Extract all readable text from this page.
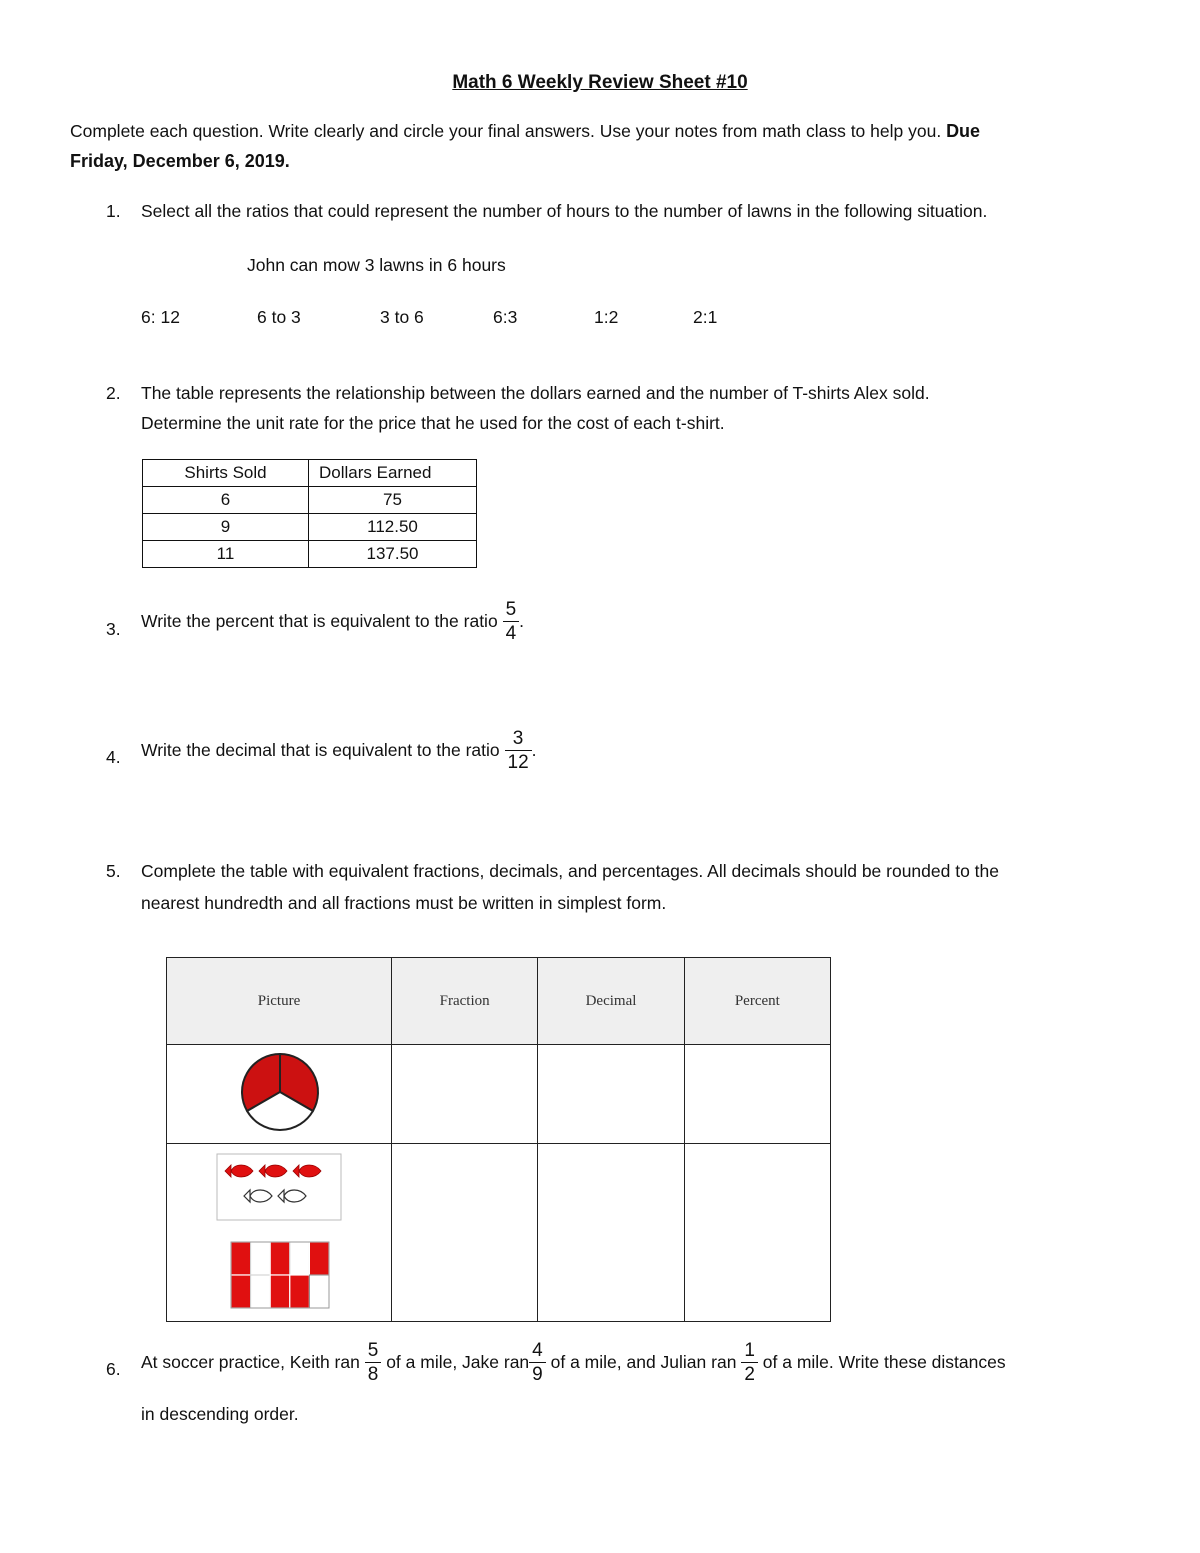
Math 6 Weekly Review Sheet #10
Complete each question. Write clearly and circle your final answers. Use your notes from math class to help you. Due
Friday, December 6, 2019.
1. Select all the ratios that could represent the number of hours to the number of lawns in the following situation.
John can mow 3 lawns in 6 hours
6: 12	6 to 3	3 to 6	6:3	1:2	2:1
2. The table represents the relationship between the dollars earned and the number of T-shirts Alex sold.
Determine the unit rate for the price that he used for the cost of each t-shirt.
Shirts Sold	Dollars Earned
6	75
9	112.50
11	137.50
3. Write the percent that is equivalent to the ratio $\frac{5}{4}$ .
4. Write the decimal that is equivalent to the ratio $\frac{3}{12}$ .
5. Complete the table with equivalent fractions, decimals, and percentages. All decimals should be rounded to the
nearest hundredth and all fractions must be written in simplest form.
Picture	Fraction	Decimal	Percent

6. At soccer practice, Keith ran $\frac{5}{8}$ of a mile, Jake ran $\frac{4}{9}$ of a mile, and Julian ran $\frac{1}{2}$ of a mile. Write these distances
in descending order.
